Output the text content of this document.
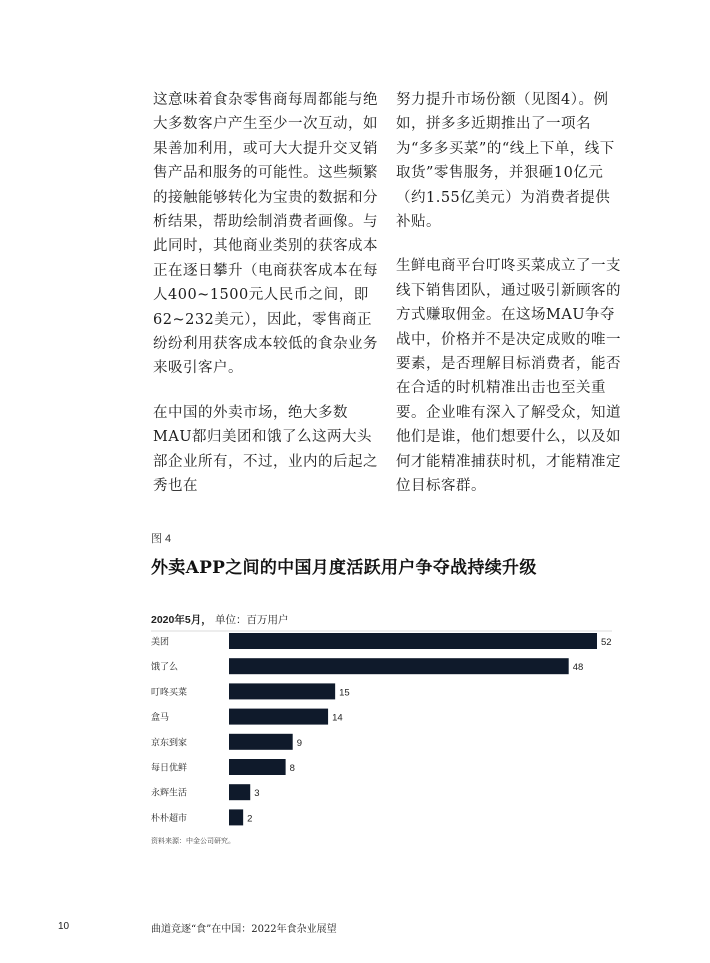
这意味着食杂零售商每周都能与绝大多数客户产生至少一次互动，如果善加利用，或可大大提升交叉销售产品和服务的可能性。这些频繁的接触能够转化为宝贵的数据和分析结果，帮助绘制消费者画像。与此同时，其他商业类别的获客成本正在逐日攀升（电商获客成本在每人400~1500元人民币之间，即62~232美元），因此，零售商正纷纷利用获客成本较低的食杂业务来吸引客户。

在中国的外卖市场，绝大多数MAU都归美团和饿了么这两大头部企业所有，不过，业内的后起之秀也在

努力提升市场份额（见图4）。例如，拼多多近期推出了一项名为“多多买菜”的“线上下单，线下取货”零售服务，并狠砸10亿元（约1.55亿美元）为消费者提供补贴。

生鲜电商平台叮咚买菜成立了一支线下销售团队，通过吸引新顾客的方式赚取佣金。在这场MAU争夺战中，价格并不是决定成败的唯一要素，是否理解目标消费者，能否在合适的时机精准出击也至关重要。企业唯有深入了解受众，知道他们是谁，他们想要什么，以及如何才能精准捕获时机，才能精准定位目标客群。

图 4
外卖APP之间的中国月度活跃用户争夺战持续升级
2020年5月， 单位：百万用户
美团	52
饿了么	48
叮咚买菜	15
盒马	14
京东到家	9
每日优鲜	8
永辉生活	3
朴朴超市	2
资料来源：中金公司研究。
10	曲道竞逐“食”在中国：2022年食杂业展望
